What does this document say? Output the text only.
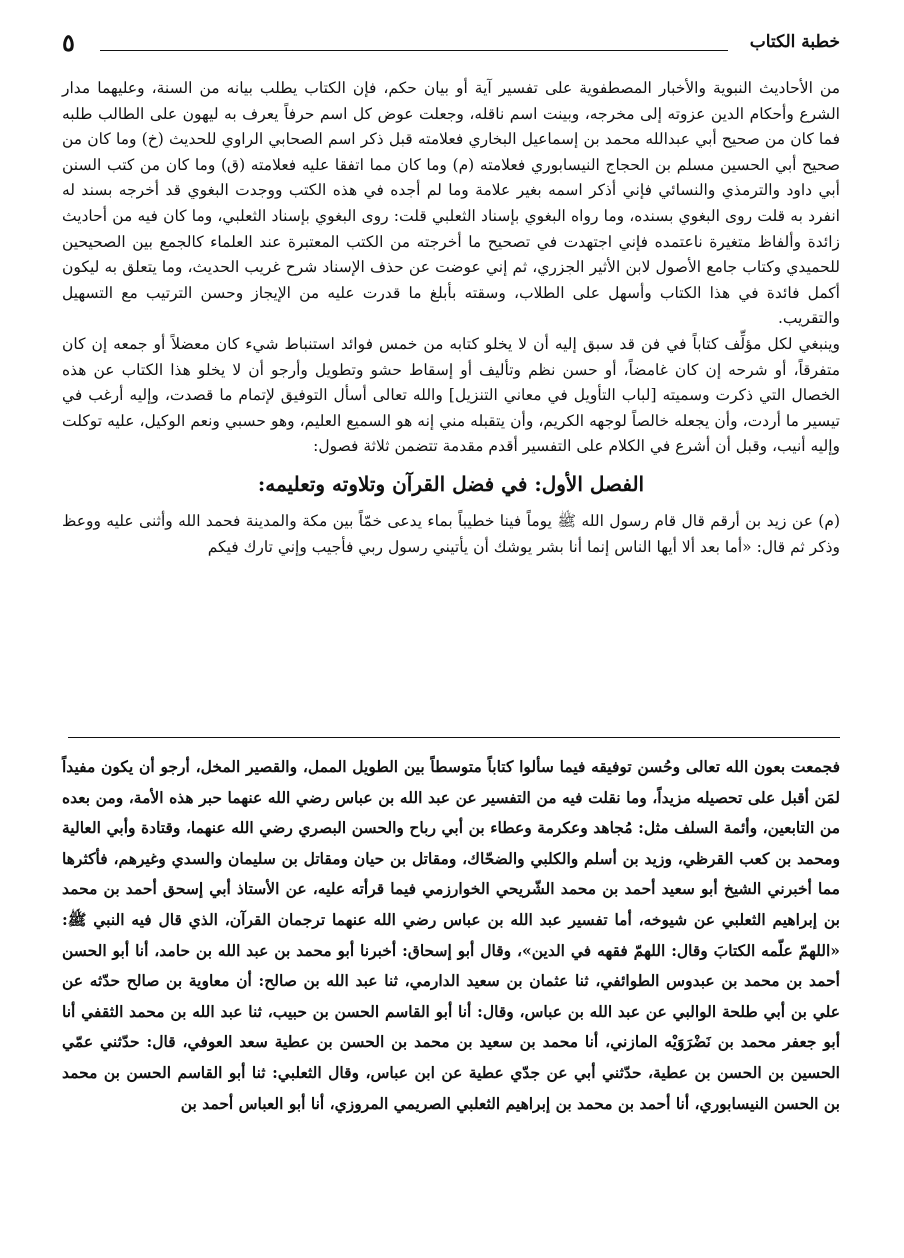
خطبة الكتاب
٥

من الأحاديث النبوية والأخبار المصطفوية على تفسير آية أو بيان حكم، فإن الكتاب يطلب بيانه من السنة، وعليهما مدار الشرع وأحكام الدين عزوته إلى مخرجه، وبينت اسم ناقله، وجعلت عوض كل اسم حرفاً يعرف به ليهون على الطالب طلبه فما كان من صحيح أبي عبدالله محمد بن إسماعيل البخاري فعلامته قبل ذكر اسم الصحابي الراوي للحديث (خ) وما كان من صحيح أبي الحسين مسلم بن الحجاج النيسابوري فعلامته (م) وما كان مما اتفقا عليه فعلامته (ق) وما كان من كتب السنن أبي داود والترمذي والنسائي فإني أذكر اسمه بغير علامة وما لم أجده في هذه الكتب ووجدت البغوي قد أخرجه بسند له انفرد به قلت روى البغوي بسنده، وما رواه البغوي بإسناد الثعلبي قلت: روى البغوي بإسناد الثعلبي، وما كان فيه من أحاديث زائدة وألفاظ متغيرة ناعتمده فإني اجتهدت في تصحيح ما أخرجته من الكتب المعتبرة عند العلماء كالجمع بين الصحيحين للحميدي وكتاب جامع الأصول لابن الأثير الجزري، ثم إني عوضت عن حذف الإسناد شرح غريب الحديث، وما يتعلق به ليكون أكمل فائدة في هذا الكتاب وأسهل على الطلاب، وسقته بأبلغ ما قدرت عليه من الإيجاز وحسن الترتيب مع التسهيل والتقريب.

وينبغي لكل مؤلِّف كتاباً في فن قد سبق إليه أن لا يخلو كتابه من خمس فوائد استنباط شيء كان معضلاً أو جمعه إن كان متفرقاً، أو شرحه إن كان غامضاً، أو حسن نظم وتأليف أو إسقاط حشو وتطويل وأرجو أن لا يخلو هذا الكتاب عن هذه الخصال التي ذكرت وسميته [لباب التأويل في معاني التنزيل] والله تعالى أسأل التوفيق لإتمام ما قصدت، وإليه أرغب في تيسير ما أردت، وأن يجعله خالصاً لوجهه الكريم، وأن يتقبله مني إنه هو السميع العليم، وهو حسبي ونعم الوكيل، عليه توكلت وإليه أنيب، وقبل أن أشرع في الكلام على التفسير أقدم مقدمة تتضمن ثلاثة فصول:

الفصل الأول: في فضل القرآن وتلاوته وتعليمه:

(م) عن زيد بن أرقم قال قام رسول الله ﷺ يوماً فينا خطيباً بماء يدعى خمّاً بين مكة والمدينة فحمد الله وأثنى عليه ووعظ وذكر ثم قال: «أما بعد ألا أيها الناس إنما أنا بشر يوشك أن يأتيني رسول ربي فأجيب وإني تارك فيكم

فجمعت بعون الله تعالى وحُسن توفيقه فيما سألوا كتاباً متوسطاً بين الطويل الممل، والقصير المخل، أرجو أن يكون مفيداً لمَن أقبل على تحصيله مزيداً، وما نقلت فيه من التفسير عن عبد الله بن عباس رضي الله عنهما حبر هذه الأمة، ومن بعده من التابعين، وأئمة السلف مثل: مُجاهد وعكرمة وعطاء بن أبي رباح والحسن البصري رضي الله عنهما، وقتادة وأبي العالية ومحمد بن كعب القرظي، وزيد بن أسلم والكلبي والضحّاك، ومقاتل بن حيان ومقاتل بن سليمان والسدي وغيرهم، فأكثرها مما أخبرني الشيخ أبو سعيد أحمد بن محمد الشّريحي الخوارزمي فيما قرأته عليه، عن الأستاذ أبي إسحق أحمد بن محمد بن إبراهيم الثعلبي عن شيوخه، أما تفسير عبد الله بن عباس رضي الله عنهما ترجمان القرآن، الذي قال فيه النبي ﷺ: «اللهمّ علّمه الكتابَ وقال: اللهمّ فقهه في الدين»، وقال أبو إسحاق: أخبرنا أبو محمد بن عبد الله بن حامد، أنا أبو الحسن أحمد بن محمد بن عبدوس الطوائفي، ثنا عثمان بن سعيد الدارمي، ثنا عبد الله بن صالح: أن معاوية بن صالح حدّثه عن علي بن أبي طلحة الوالبي عن عبد الله بن عباس، وقال: أنا أبو القاسم الحسن بن حبيب، ثنا عبد الله بن محمد الثقفي أنا أبو جعفر محمد بن نَضْرَوَيْه المازني، أنا محمد بن سعيد بن محمد بن الحسن بن عطية سعد العوفي، قال: حدّثني عمّي الحسين بن الحسن بن عطية، حدّثني أبي عن جدّي عطية عن ابن عباس، وقال الثعلبي: ثنا أبو القاسم الحسن بن محمد بن الحسن النيسابوري، أنا أحمد بن محمد بن إبراهيم الثعلبي الصريمي المروزي، أنا أبو العباس أحمد بن
